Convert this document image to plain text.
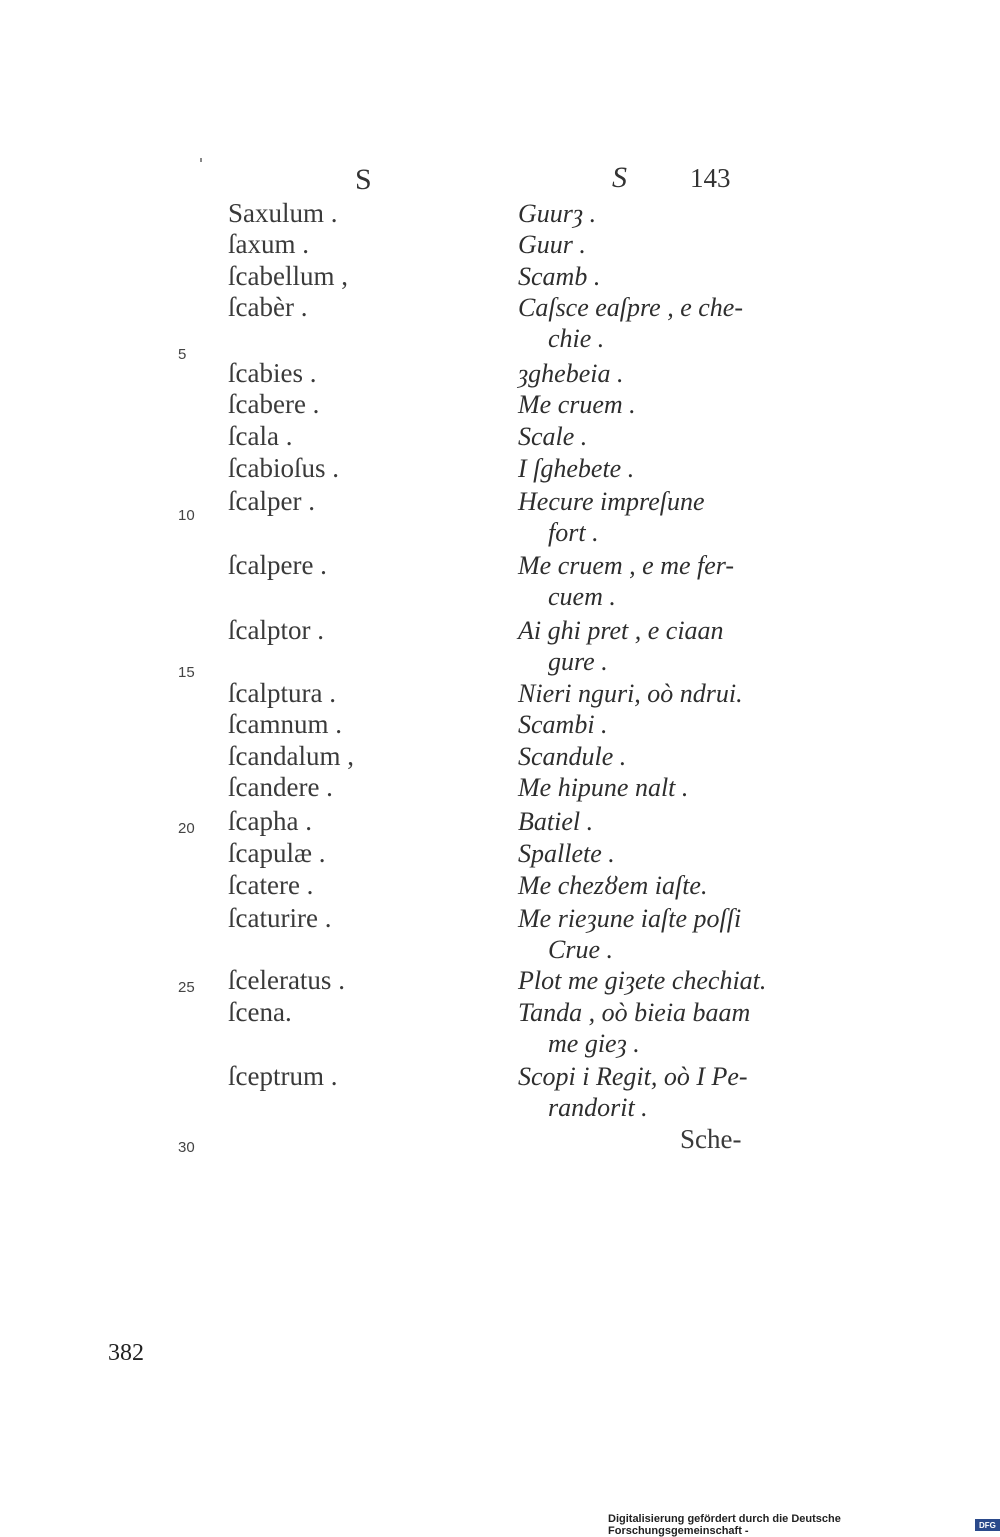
S	S 143
Saxulum .	Guurȝ .
ſaxum .	Guur .
ſcabellum ,	Scamb .
ſcabèr .	Caſsce eaſpre , e che-
chie .
ſcabies .	ȝghebeia .
ſcabere .	Me cruem .
ſcala .	Scale .
ſcabioſus .	I ſghebete .
ſcalper .	Hecure impreſune
fort .
ſcalpere .	Me cruem , e me fer-
cuem .
ſcalptor .	Ai ghi pret , e ciaan
gure .
ſcalptura .	Nieri nguri, oò ndrui.
ſcamnum .	Scambi .
ſcandalum ,	Scandule .
ſcandere .	Me hipune nalt .
ſcapha .	Batiel .
ſcapulæ .	Spallete .
ſcatere .	Me chezȣem iaſte.
ſcaturire .	Me rieȝune iaſte poſſi
Crue .
ſceleratus .	Plot me giȝete chechiat.
ſcena.	Tanda , oò bieia baam
me gieȝ .
ſceptrum .	Scopi i Regit, oò I Pe-
randorit .
5
10
15
20
25
30	Sche-
382
Digitalisierung gefördert durch die Deutsche Forschungsgemeinschaft -	DFG
